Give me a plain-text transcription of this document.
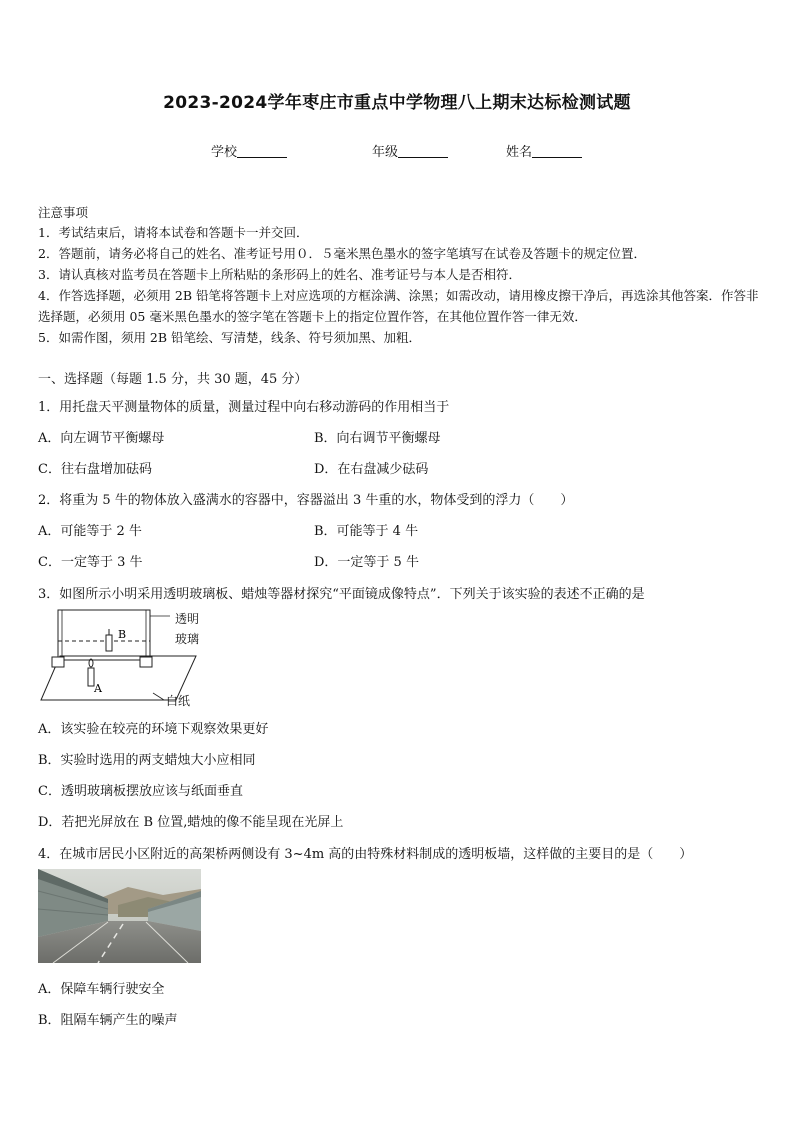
2023-2024学年枣庄市重点中学物理八上期末达标检测试题
学校	年级	姓名
注意事项
1．考试结束后，请将本试卷和答题卡一并交回．
2．答题前，请务必将自己的姓名、准考证号用０．５毫米黑色墨水的签字笔填写在试卷及答题卡的规定位置．
3．请认真核对监考员在答题卡上所粘贴的条形码上的姓名、准考证号与本人是否相符．
4．作答选择题，必须用 2B 铅笔将答题卡上对应选项的方框涂满、涂黑；如需改动，请用橡皮擦干净后，再选涂其他答案．作答非选择题，必须用 05 毫米黑色墨水的签字笔在答题卡上的指定位置作答，在其他位置作答一律无效．
5．如需作图，须用 2B 铅笔绘、写清楚，线条、符号须加黑、加粗．
一、选择题（每题 1.5 分，共 30 题，45 分）
1．用托盘天平测量物体的质量，测量过程中向右移动游码的作用相当于
A．向左调节平衡螺母	B．向右调节平衡螺母
C．往右盘增加砝码	D．在右盘减少砝码
2．将重为 5 牛的物体放入盛满水的容器中，容器溢出 3 牛重的水，物体受到的浮力（　　）
A．可能等于 2 牛	B．可能等于 4 牛
C．一定等于 3 牛	D．一定等于 5 牛
3．如图所示小明采用透明玻璃板、蜡烛等器材探究“平面镜成像特点”．下列关于该实验的表述不正确的是
A
B
透明
玻璃
白纸
A．该实验在较亮的环境下观察效果更好
B．实验时选用的两支蜡烛大小应相同
C．透明玻璃板摆放应该与纸面垂直
D．若把光屏放在 B 位置,蜡烛的像不能呈现在光屏上
4．在城市居民小区附近的高架桥两侧设有 3~4m 高的由特殊材料制成的透明板墙，这样做的主要目的是（　　）
A．保障车辆行驶安全
B．阻隔车辆产生的噪声
